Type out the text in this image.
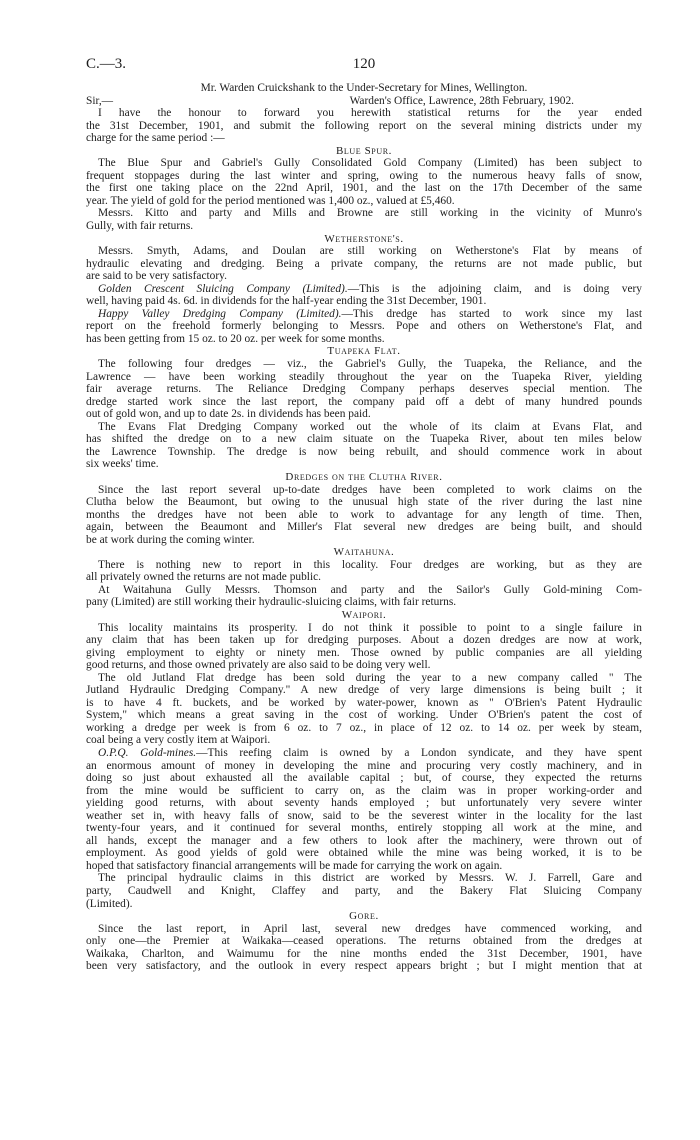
C.—3.	120
Mr. Warden Cruickshank to the Under-Secretary for Mines, Wellington.
Sir,—	Warden's Office, Lawrence, 28th February, 1902.
I have the honour to forward you herewith statistical returns for the year ended
the 31st December, 1901, and submit the following report on the several mining districts under my
charge for the same period :—
Blue Spur.
The Blue Spur and Gabriel's Gully Consolidated Gold Company (Limited) has been subject to
frequent stoppages during the last winter and spring, owing to the numerous heavy falls of snow,
the first one taking place on the 22nd April, 1901, and the last on the 17th December of the same
year. The yield of gold for the period mentioned was 1,400 oz., valued at £5,460.
Messrs. Kitto and party and Mills and Browne are still working in the vicinity of Munro's
Gully, with fair returns.
Wetherstone's.
Messrs. Smyth, Adams, and Doulan are still working on Wetherstone's Flat by means of
hydraulic elevating and dredging. Being a private company, the returns are not made public, but
are said to be very satisfactory.
Golden Crescent Sluicing Company (Limited).—This is the adjoining claim, and is doing very
well, having paid 4s. 6d. in dividends for the half-year ending the 31st December, 1901.
Happy Valley Dredging Company (Limited).—This dredge has started to work since my last
report on the freehold formerly belonging to Messrs. Pope and others on Wetherstone's Flat, and
has been getting from 15 oz. to 20 oz. per week for some months.
Tuapeka Flat.
The following four dredges — viz., the Gabriel's Gully, the Tuapeka, the Reliance, and the
Lawrence — have been working steadily throughout the year on the Tuapeka River, yielding
fair average returns. The Reliance Dredging Company perhaps deserves special mention. The
dredge started work since the last report, the company paid off a debt of many hundred pounds
out of gold won, and up to date 2s. in dividends has been paid.
The Evans Flat Dredging Company worked out the whole of its claim at Evans Flat, and
has shifted the dredge on to a new claim situate on the Tuapeka River, about ten miles below
the Lawrence Township. The dredge is now being rebuilt, and should commence work in about
six weeks' time.
Dredges on the Clutha River.
Since the last report several up-to-date dredges have been completed to work claims on the
Clutha below the Beaumont, but owing to the unusual high state of the river during the last nine
months the dredges have not been able to work to advantage for any length of time. Then,
again, between the Beaumont and Miller's Flat several new dredges are being built, and should
be at work during the coming winter.
Waitahuna.
There is nothing new to report in this locality. Four dredges are working, but as they are
all privately owned the returns are not made public.
At Waitahuna Gully Messrs. Thomson and party and the Sailor's Gully Gold-mining Com-
pany (Limited) are still working their hydraulic-sluicing claims, with fair returns.
Waipori.
This locality maintains its prosperity. I do not think it possible to point to a single failure in
any claim that has been taken up for dredging purposes. About a dozen dredges are now at work,
giving employment to eighty or ninety men. Those owned by public companies are all yielding
good returns, and those owned privately are also said to be doing very well.
The old Jutland Flat dredge has been sold during the year to a new company called " The
Jutland Hydraulic Dredging Company." A new dredge of very large dimensions is being built ; it
is to have 4 ft. buckets, and be worked by water-power, known as " O'Brien's Patent Hydraulic
System," which means a great saving in the cost of working. Under O'Brien's patent the cost of
working a dredge per week is from 6 oz. to 7 oz., in place of 12 oz. to 14 oz. per week by steam,
coal being a very costly item at Waipori.
O.P.Q. Gold-mines.—This reefing claim is owned by a London syndicate, and they have spent
an enormous amount of money in developing the mine and procuring very costly machinery, and in
doing so just about exhausted all the available capital ; but, of course, they expected the returns
from the mine would be sufficient to carry on, as the claim was in proper working-order and
yielding good returns, with about seventy hands employed ; but unfortunately very severe winter
weather set in, with heavy falls of snow, said to be the severest winter in the locality for the last
twenty-four years, and it continued for several months, entirely stopping all work at the mine, and
all hands, except the manager and a few others to look after the machinery, were thrown out of
employment. As good yields of gold were obtained while the mine was being worked, it is to be
hoped that satisfactory financial arrangements will be made for carrying the work on again.
The principal hydraulic claims in this district are worked by Messrs. W. J. Farrell, Gare and
party, Caudwell and Knight, Claffey and party, and the Bakery Flat Sluicing Company
(Limited).
Gore.
Since the last report, in April last, several new dredges have commenced working, and
only one—the Premier at Waikaka—ceased operations. The returns obtained from the dredges at
Waikaka, Charlton, and Waimumu for the nine months ended the 31st December, 1901, have
been very satisfactory, and the outlook in every respect appears bright ; but I might mention that at
